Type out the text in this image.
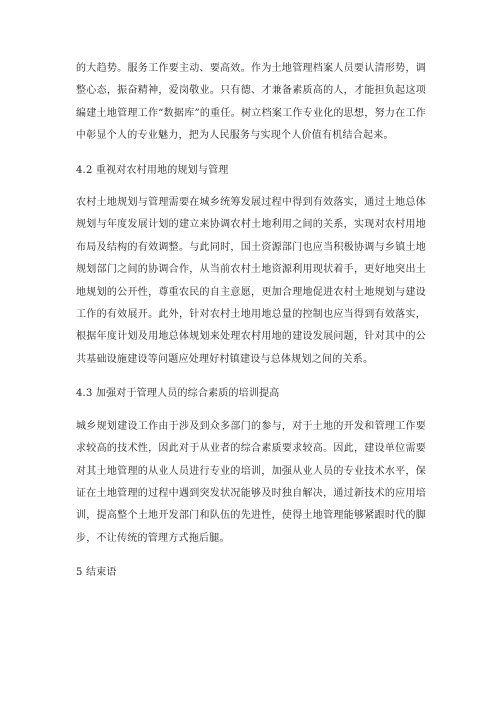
的大趋势。服务工作要主动、要高效。作为土地管理档案人员要认清形势，调整心态，振奋精神，爱岗敬业。只有德、才兼备素质高的人，才能担负起这项编建土地管理工作“数据库”的重任。树立档案工作专业化的思想，努力在工作中彰显个人的专业魅力，把为人民服务与实现个人价值有机结合起来。

4.2 重视对农村用地的规划与管理

农村土地规划与管理需要在城乡统筹发展过程中得到有效落实，通过土地总体规划与年度发展计划的建立来协调农村土地利用之间的关系，实现对农村用地布局及结构的有效调整。与此同时，国土资源部门也应当积极协调与乡镇土地规划部门之间的协调合作，从当前农村土地资源利用现状着手，更好地突出土地规划的公开性，尊重农民的自主意愿，更加合理地促进农村土地规划与建设工作的有效展开。此外，针对农村土地用地总量的控制也应当得到有效落实，根据年度计划及用地总体规划来处理农村用地的建设发展问题，针对其中的公共基础设施建设等问题应处理好村镇建设与总体规划之间的关系。

4.3 加强对于管理人员的综合素质的培训提高

城乡规划建设工作由于涉及到众多部门的参与，对于土地的开发和管理工作要求较高的技术性，因此对于从业者的综合素质要求较高。因此，建设单位需要对其土地管理的从业人员进行专业的培训，加强从业人员的专业技术水平，保证在土地管理的过程中遇到突发状况能够及时独自解决，通过新技术的应用培训，提高整个土地开发部门和队伍的先进性，使得土地管理能够紧跟时代的脚步，不让传统的管理方式拖后腿。

5 结束语
